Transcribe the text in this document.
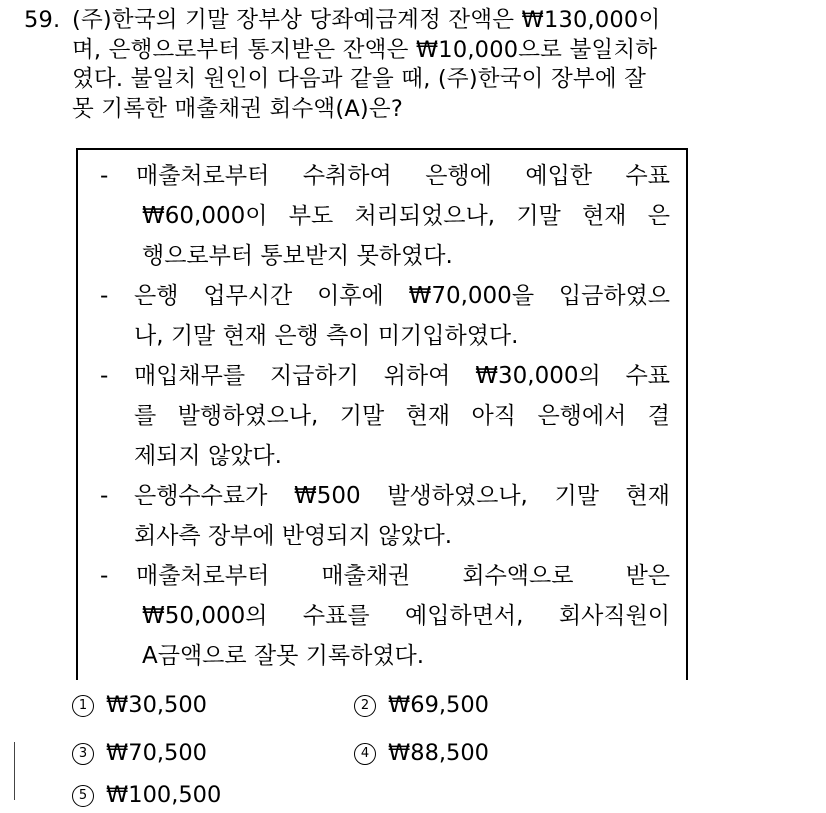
59. (주)한국의 기말 장부상 당좌예금계정 잔액은 ₩130,000이
며, 은행으로부터 통지받은 잔액은 ₩10,000으로 불일치하
였다. 불일치 원인이 다음과 같을 때, (주)한국이 장부에 잘
못 기록한 매출채권 회수액(A)은?
- 매출처로부터 수취하여 은행에 예입한 수표
₩60,000이 부도 처리되었으나, 기말 현재 은
행으로부터 통보받지 못하였다.
- 은행 업무시간 이후에 ₩70,000을 입금하였으
나, 기말 현재 은행 측이 미기입하였다.
- 매입채무를 지급하기 위하여 ₩30,000의 수표
를 발행하였으나, 기말 현재 아직 은행에서 결
제되지 않았다.
- 은행수수료가 ₩500 발생하였으나, 기말 현재
회사측 장부에 반영되지 않았다.
- 매출처로부터 매출채권 회수액으로 받은
₩50,000의 수표를 예입하면서, 회사직원이
A금액으로 잘못 기록하였다.
1 ₩30,500	2 ₩69,500
3 ₩70,500	4 ₩88,500
5 ₩100,500
